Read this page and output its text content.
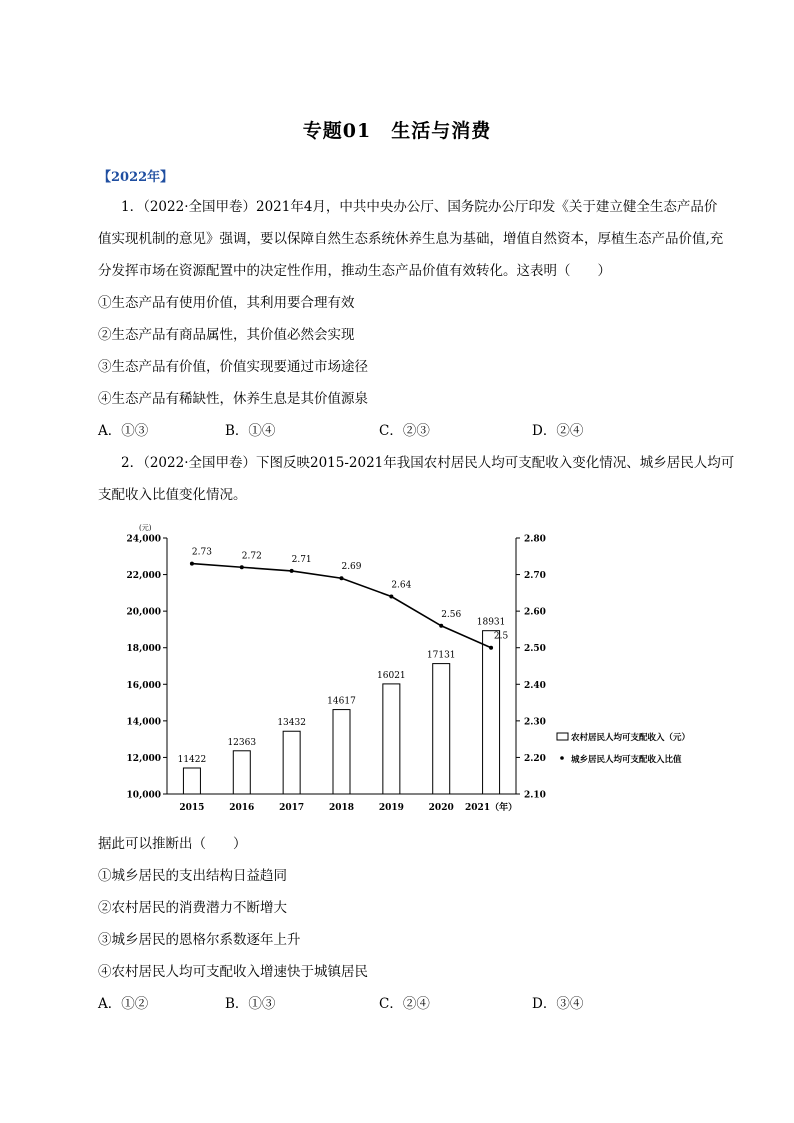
专题01　生活与消费
【2022年】
1．（2022·全国甲卷）2021年4月，中共中央办公厅、国务院办公厅印发《关于建立健全生态产品价
值实现机制的意见》强调，要以保障自然生态系统休养生息为基础，增值自然资本，厚植生态产品价值,充
分发挥市场在资源配置中的决定性作用，推动生态产品价值有效转化。这表明（　　）
①生态产品有使用价值，其利用要合理有效
②生态产品有商品属性，其价值必然会实现
③生态产品有价值，价值实现要通过市场途径
④生态产品有稀缺性，休养生息是其价值源泉
A．①③	B．①④	C．②③	D．②④
2．（2022·全国甲卷）下图反映2015-2021年我国农村居民人均可支配收入变化情况、城乡居民人均可
支配收入比值变化情况。
10,000
12,000
14,000
16,000
18,000
20,000
22,000
24,000
(元)
2.10
2.20
2.30
2.40
2.50
2.60
2.70
2.80
2015	2016	2017	2018	2019	2020 2021（年）
11422
12363
13432
14617
16021
17131
18931
2.73	2.72	2.71
2.69
2.64
2.56
2.5
农村居民人均可支配收入（元）
城乡居民人均可支配收入比值
据此可以推断出（　　）
①城乡居民的支出结构日益趋同
②农村居民的消费潜力不断增大
③城乡居民的恩格尔系数逐年上升
④农村居民人均可支配收入增速快于城镇居民
A．①②	B．①③	C．②④	D．③④
